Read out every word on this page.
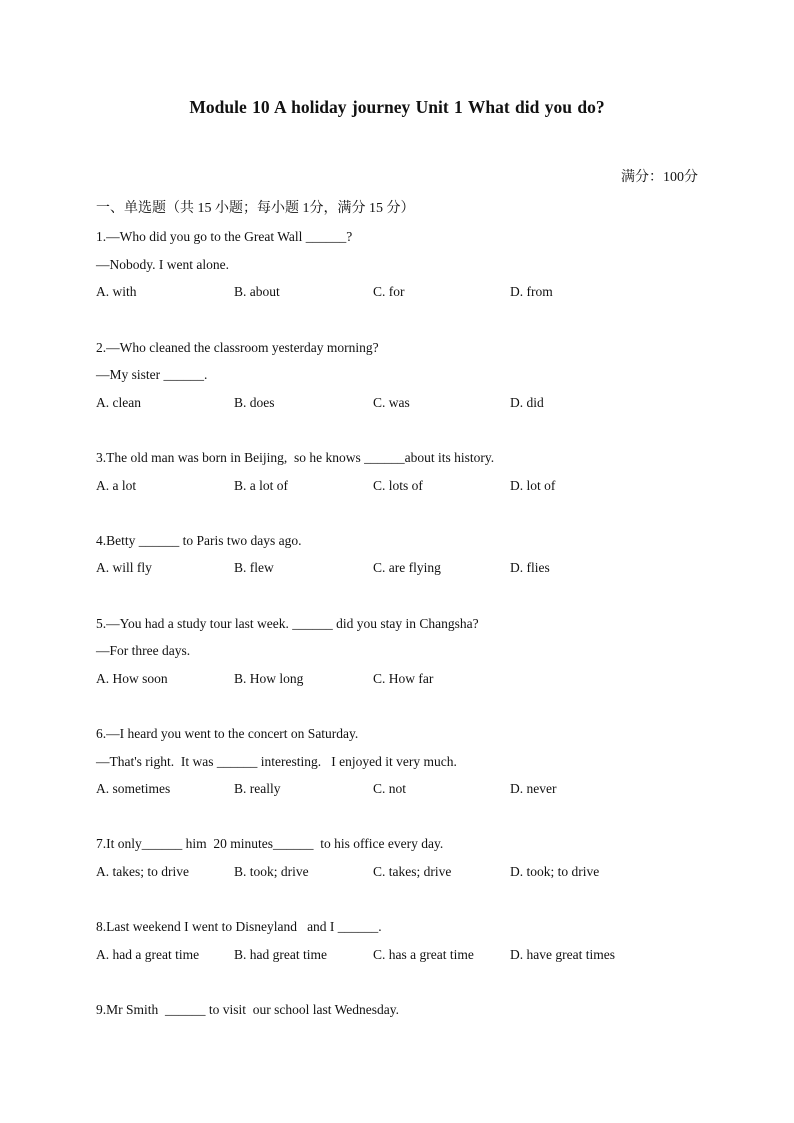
Module 10 A holiday journey Unit 1 What did you do?
满分：100分
一、单选题（共 15 小题；每小题 1分，满分 15 分）
1.—Who did you go to the Great Wall ______?
—Nobody. I went alone.
A. with	B. about	C. for	D. from
2.—Who cleaned the classroom yesterday morning?
—My sister ______.
A. clean	B. does	C. was	D. did
3.The old man was born in Beijing,  so he knows ______about its history.
A. a lot	B. a lot of	C. lots of	D. lot of
4.Betty ______ to Paris two days ago.
A. will fly	B. flew	C. are flying	D. flies
5.—You had a study tour last week. ______ did you stay in Changsha?
—For three days.
A. How soon	B. How long	C. How far
6.—I heard you went to the concert on Saturday.
—That's right.  It was ______ interesting.   I enjoyed it very much.
A. sometimes	B. really	C. not	D. never
7.It only______ him  20 minutes______  to his office every day.
A. takes; to drive	B. took; drive	C. takes; drive	D. took; to drive
8.Last weekend I went to Disneyland   and I ______.
A. had a great time	B. had great time	C. has a great time	D. have great times
9.Mr Smith  ______ to visit  our school last Wednesday.
